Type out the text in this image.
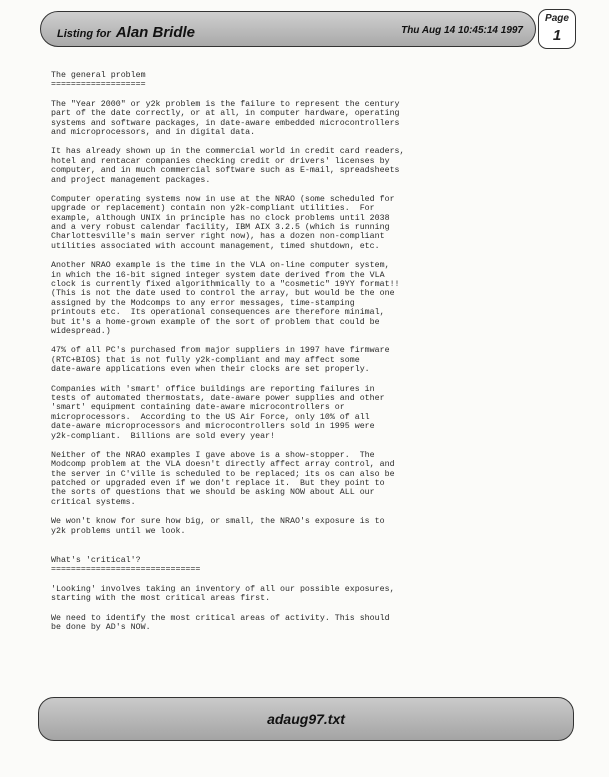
Listing for Alan Bridle	Thu Aug 14 10:45:14 1997
Page
1
The general problem
===================
The "Year 2000" or y2k problem is the failure to represent the century
part of the date correctly, or at all, in computer hardware, operating
systems and software packages, in date-aware embedded microcontrollers
and microprocessors, and in digital data.
It has already shown up in the commercial world in credit card readers,
hotel and rentacar companies checking credit or drivers' licenses by
computer, and in much commercial software such as E-mail, spreadsheets
and project management packages.
Computer operating systems now in use at the NRAO (some scheduled for
upgrade or replacement) contain non y2k-compliant utilities.  For
example, although UNIX in principle has no clock problems until 2038
and a very robust calendar facility, IBM AIX 3.2.5 (which is running
Charlottesville's main server right now), has a dozen non-compliant
utilities associated with account management, timed shutdown, etc.
Another NRAO example is the time in the VLA on-line computer system,
in which the 16-bit signed integer system date derived from the VLA
clock is currently fixed algorithmically to a "cosmetic" 19YY format!!
(This is not the date used to control the array, but would be the one
assigned by the Modcomps to any error messages, time-stamping
printouts etc.  Its operational consequences are therefore minimal,
but it's a home-grown example of the sort of problem that could be
widespread.)
47% of all PC's purchased from major suppliers in 1997 have firmware
(RTC+BIOS) that is not fully y2k-compliant and may affect some
date-aware applications even when their clocks are set properly.
Companies with 'smart' office buildings are reporting failures in
tests of automated thermostats, date-aware power supplies and other
'smart' equipment containing date-aware microcontrollers or
microprocessors.  According to the US Air Force, only 10% of all
date-aware microprocessors and microcontrollers sold in 1995 were
y2k-compliant.  Billions are sold every year!
Neither of the NRAO examples I gave above is a show-stopper.  The
Modcomp problem at the VLA doesn't directly affect array control, and
the server in C'ville is scheduled to be replaced; its os can also be
patched or upgraded even if we don't replace it.  But they point to
the sorts of questions that we should be asking NOW about ALL our
critical systems.
We won't know for sure how big, or small, the NRAO's exposure is to
y2k problems until we look.
What's 'critical'?
==============================
'Looking' involves taking an inventory of all our possible exposures,
starting with the most critical areas first.
We need to identify the most critical areas of activity. This should
be done by AD's NOW.
adaug97.txt
